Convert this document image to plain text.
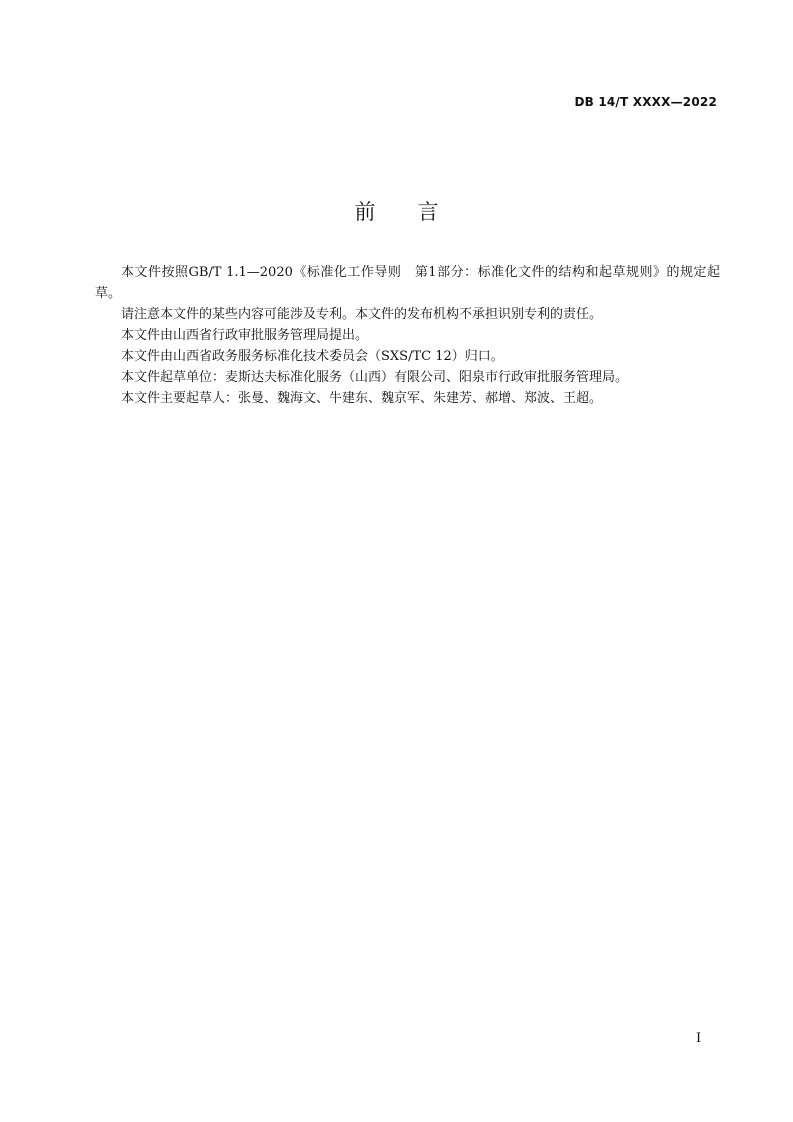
DB 14/T XXXX—2022
前 言

本文件按照GB/T 1.1—2020《标准化工作导则　第1部分：标准化文件的结构和起草规则》的规定起草。

请注意本文件的某些内容可能涉及专利。本文件的发布机构不承担识别专利的责任。

本文件由山西省行政审批服务管理局提出。

本文件由山西省政务服务标准化技术委员会（SXS/TC 12）归口。

本文件起草单位：麦斯达夫标准化服务（山西）有限公司、阳泉市行政审批服务管理局。

本文件主要起草人：张曼、魏海文、牛建东、魏京军、朱建芳、郝增、郑波、王超。

I
